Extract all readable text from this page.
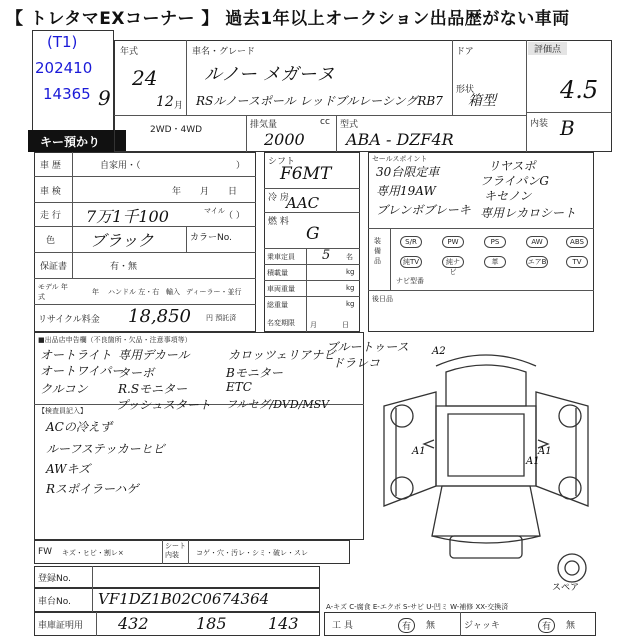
【 トレタマEXコーナー 】 過去1年以上オークション出品歴がない車両
(T1)
202410
14365 9
キー預かり
年式
24
12 月
車名・グレード
ルノー メガーヌ
RSルノースポール レッドブルレーシングRB7
ドア
形状
箱型
評価点
4.5
内装 B
2WD・4WD	排気量	cc
2000
型式
ABA - DZF4R
車 歴	自家用・（	）
車 検	年 月 日
走 行 7万1千100	マイル （ ）
色 ブラック	カラーNo.
保証書	有・無
モデル 年式
年 ハンドル 左・右 輸入 ディーラー・並行
リサイクル料金 18,850 円 預託済
シフト
F6MT
冷 房
AAC
燃 料
G
乗車定員 5 名
積載量	kg
車両重量	kg
総重量	kg
名変期限 月	日
セールスポイント
30台限定車	リヤスポ
フライパンG
専用19AW	キセノン
ブレンボブレーキ 専用レカロシート
装備品
S/R	PW	PS	AW	ABS
純TV	純ナビ
革	エアB	TV
ナビ型番
後日品
■出品店申告欄（不良箇所・欠品・注意事項等）
オートライト
オートワイパー
クルコン
専用デカール
ターボ
R.Sモニター
プッシュスタート
カロッツェリアナビ
Bモニター
ETC
フルセグ/DVD/MSV
ブルートゥース
ドラレコ
【検査員記入】
ACの冷えず
ルーフステッカーヒビ
AWキズ
Rスポイラーハゲ
A2
A1	A1
A1
スペア
FW キズ・ヒビ・割レ×
シート内装	コゲ・穴・汚レ・シミ・破レ・スレ
登録No.
車台No. VF1DZ1B02C0674364
車庫証明用 432	185	143
A-キズ C-腐食 E-エクボ S-サビ U-凹ミ W-補修 XX-交換済
工 具	有	無	ジャッキ	有	無
